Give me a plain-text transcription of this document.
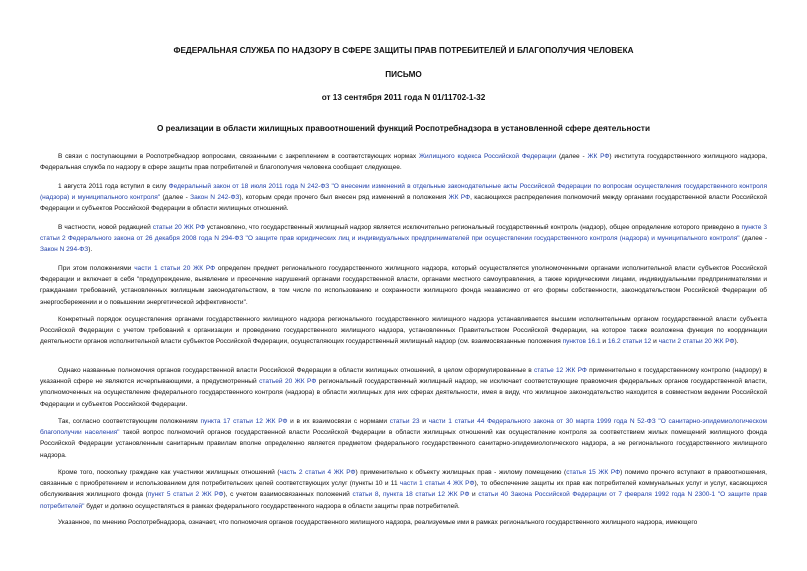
ФЕДЕРАЛЬНАЯ СЛУЖБА ПО НАДЗОРУ В СФЕРЕ ЗАЩИТЫ ПРАВ ПОТРЕБИТЕЛЕЙ И БЛАГОПОЛУЧИЯ ЧЕЛОВЕКА
ПИСЬМО
от 13 сентября 2011 года N 01/11702-1-32
О реализации в области жилищных правоотношений функций Роспотребнадзора в установленной сфере деятельности

В связи с поступающими в Роспотребнадзор вопросами, связанными с закреплением в соответствующих нормах Жилищного кодекса Российской Федерации (далее - ЖК РФ) института государственного жилищного надзора, Федеральная служба по надзору в сфере защиты прав потребителей и благополучия человека сообщает следующее.

1 августа 2011 года вступил в силу Федеральный закон от 18 июля 2011 года N 242-ФЗ "О внесении изменений в отдельные законодательные акты Российской Федерации по вопросам осуществления государственного контроля (надзора) и муниципального контроля" (далее - Закон N 242-ФЗ), которым среди прочего был внесен ряд изменений в положения ЖК РФ, касающихся распределения полномочий между органами государственной власти Российской Федерации и субъектов Российской Федерации в области жилищных отношений.

В частности, новой редакцией статьи 20 ЖК РФ установлено, что государственный жилищный надзор является исключительно региональный государственный контроль (надзор), общее определение которого приведено в пункте 3 статьи 2 Федерального закона от 26 декабря 2008 года N 294-ФЗ "О защите прав юридических лиц и индивидуальных предпринимателей при осуществлении государственного контроля (надзора) и муниципального контроля" (далее - Закон N 294-ФЗ).

При этом положениями части 1 статьи 20 ЖК РФ определен предмет регионального государственного жилищного надзора, который осуществляется уполномоченными органами исполнительной власти субъектов Российской Федерации и включает в себя "предупреждение, выявление и пресечение нарушений органами государственной власти, органами местного самоуправления, а также юридическими лицами, индивидуальными предпринимателями и гражданами требований, установленных жилищным законодательством, в том числе по использованию и сохранности жилищного фонда независимо от его формы собственности, законодательством Российской Федерации об энергосбережении и о повышении энергетической эффективности".

Конкретный порядок осуществления органами государственного жилищного надзора регионального государственного жилищного надзора устанавливается высшим исполнительным органом государственной власти субъекта Российской Федерации с учетом требований к организации и проведению государственного жилищного надзора, установленных Правительством Российской Федерации, на которое также возложена функция по координации деятельности органов исполнительной власти субъектов Российской Федерации, осуществляющих государственный жилищный надзор (см. взаимосвязанные положения пунктов 16.1 и 16.2 статьи 12 и части 2 статьи 20 ЖК РФ).

Однако названные полномочия органов государственной власти Российской Федерации в области жилищных отношений, в целом сформулированные в статье 12 ЖК РФ применительно к государственному контролю (надзору) в указанной сфере не являются исчерпывающими, а предусмотренный статьей 20 ЖК РФ региональный государственный жилищный надзор, не исключает соответствующие правомочия федеральных органов государственной власти, уполномоченных на осуществление федерального государственного контроля (надзора) в области жилищных для них сферах деятельности, имея в виду, что жилищное законодательство находится в совместном ведении Российской Федерации и субъектов Российской Федерации.

Так, согласно соответствующим положениям пункта 17 статьи 12 ЖК РФ и в их взаимосвязи с нормами статьи 23 и части 1 статьи 44 Федерального закона от 30 марта 1999 года N 52-ФЗ "О санитарно-эпидемиологическом благополучии населения" такой вопрос полномочий органов государственной власти Российской Федерации в области жилищных отношений как осуществление контроля за соответствием жилых помещений жилищного фонда Российской Федерации установленным санитарным правилам вполне определенно является предметом федерального государственного санитарно-эпидемиологического надзора, а не регионального государственного жилищного надзора.

Кроме того, поскольку граждане как участники жилищных отношений (часть 2 статьи 4 ЖК РФ) применительно к объекту жилищных прав - жилому помещению (статья 15 ЖК РФ) помимо прочего вступают в правоотношения, связанные с приобретением и использованием для потребительских целей соответствующих услуг (пункты 10 и 11 части 1 статьи 4 ЖК РФ), то обеспечение защиты их прав как потребителей коммунальных услуг и услуг, касающихся обслуживания жилищного фонда (пункт 5 статьи 2 ЖК РФ), с учетом взаимосвязанных положений статьи 8, пункта 18 статьи 12 ЖК РФ и статьи 40 Закона Российской Федерации от 7 февраля 1992 года N 2300-1 "О защите прав потребителей" будет и должно осуществляться в рамках федерального государственного надзора в области защиты прав потребителей.

Указанное, по мнению Роспотребнадзора, означает, что полномочия органов государственного жилищного надзора, реализуемые ими в рамках регионального государственного жилищного надзора, имеющего
